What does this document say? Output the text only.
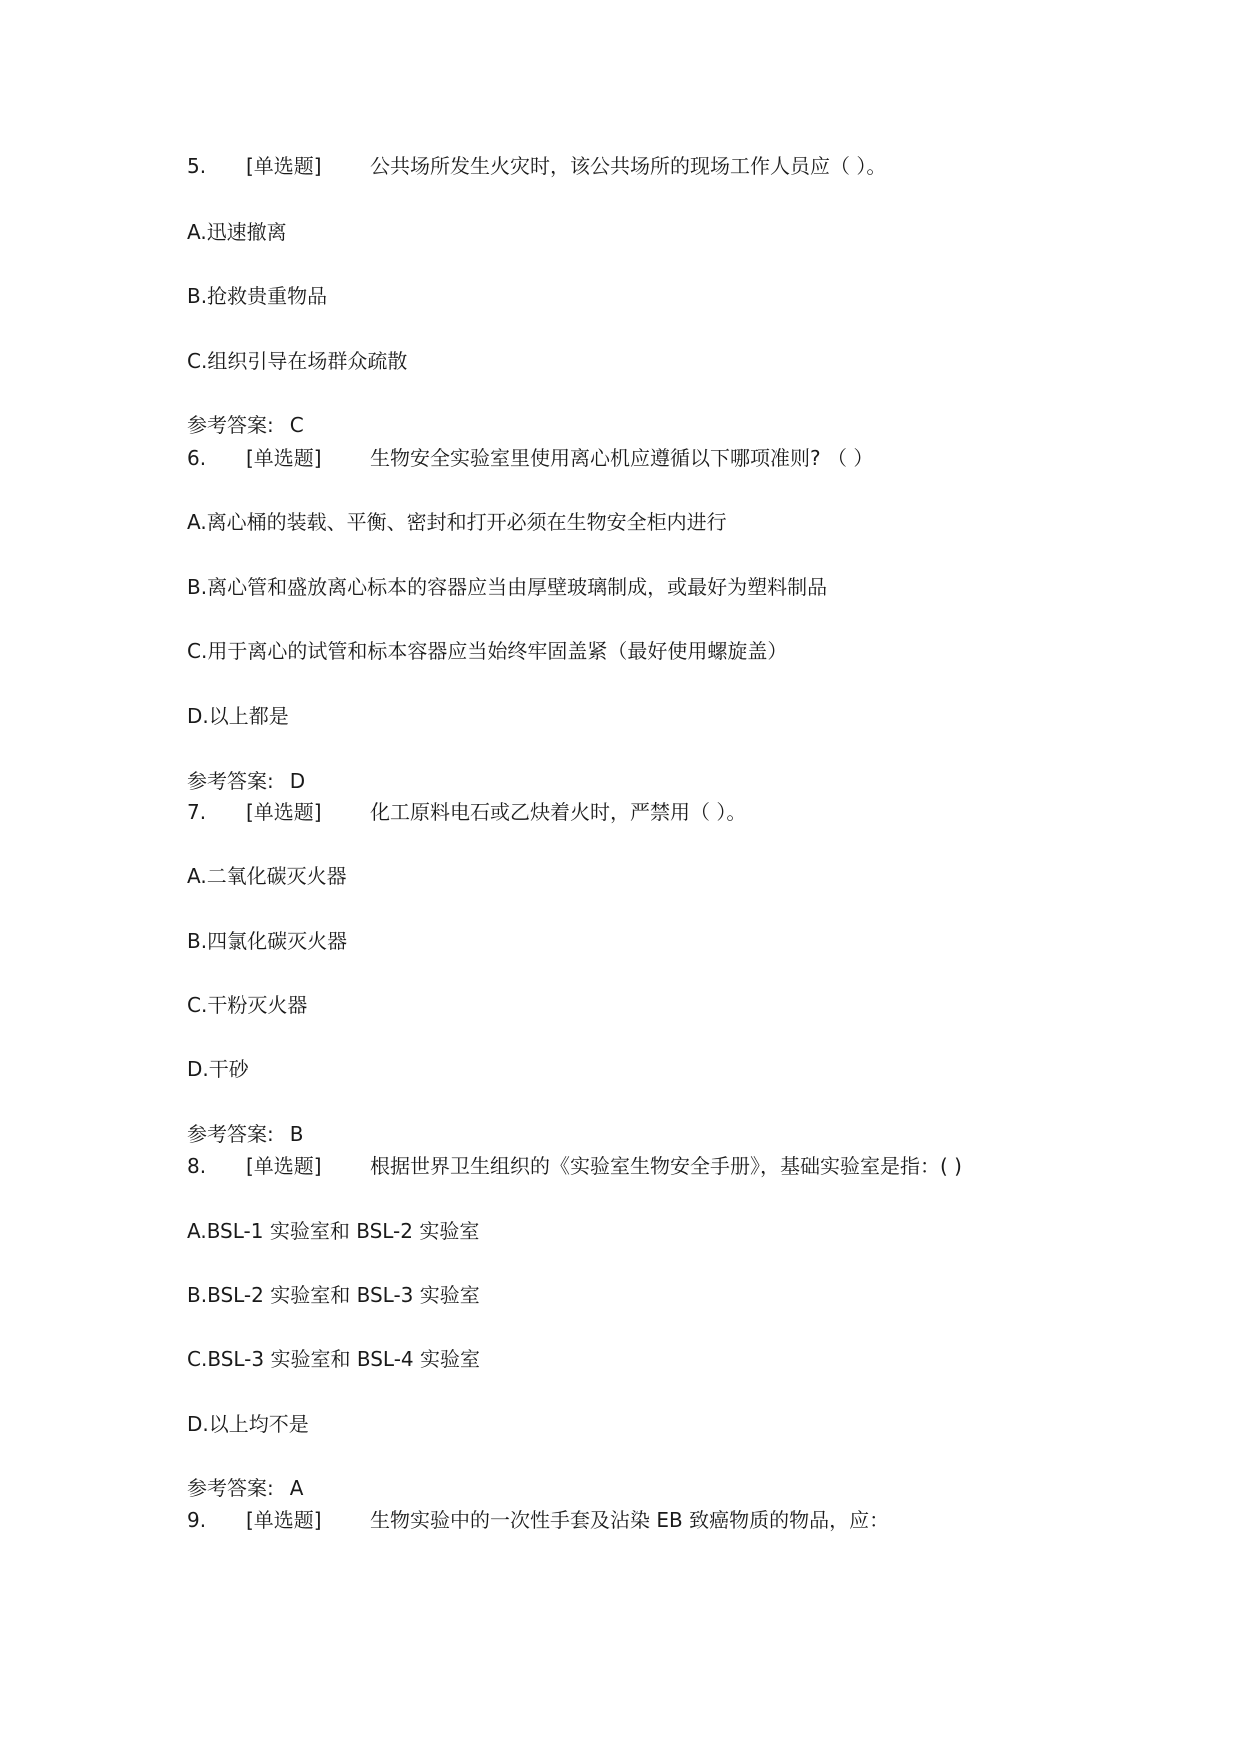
5. [单选题] 公共场所发生火灾时，该公共场所的现场工作人员应（ ）。
A.迅速撤离
B.抢救贵重物品
C.组织引导在场群众疏散
参考答案: C
6. [单选题] 生物安全实验室里使用离心机应遵循以下哪项准则? （ ）
A.离心桶的装载、平衡、密封和打开必须在生物安全柜内进行
B.离心管和盛放离心标本的容器应当由厚壁玻璃制成，或最好为塑料制品
C.用于离心的试管和标本容器应当始终牢固盖紧（最好使用螺旋盖）
D.以上都是
参考答案: D
7. [单选题] 化工原料电石或乙炔着火时，严禁用（ ）。
A.二氧化碳灭火器
B.四氯化碳灭火器
C.干粉灭火器
D.干砂
参考答案: B
8. [单选题] 根据世界卫生组织的《实验室生物安全手册》，基础实验室是指：( )
A.BSL-1 实验室和 BSL-2 实验室
B.BSL-2 实验室和 BSL-3 实验室
C.BSL-3 实验室和 BSL-4 实验室
D.以上均不是
参考答案: A
9. [单选题] 生物实验中的一次性手套及沾染 EB 致癌物质的物品，应：
